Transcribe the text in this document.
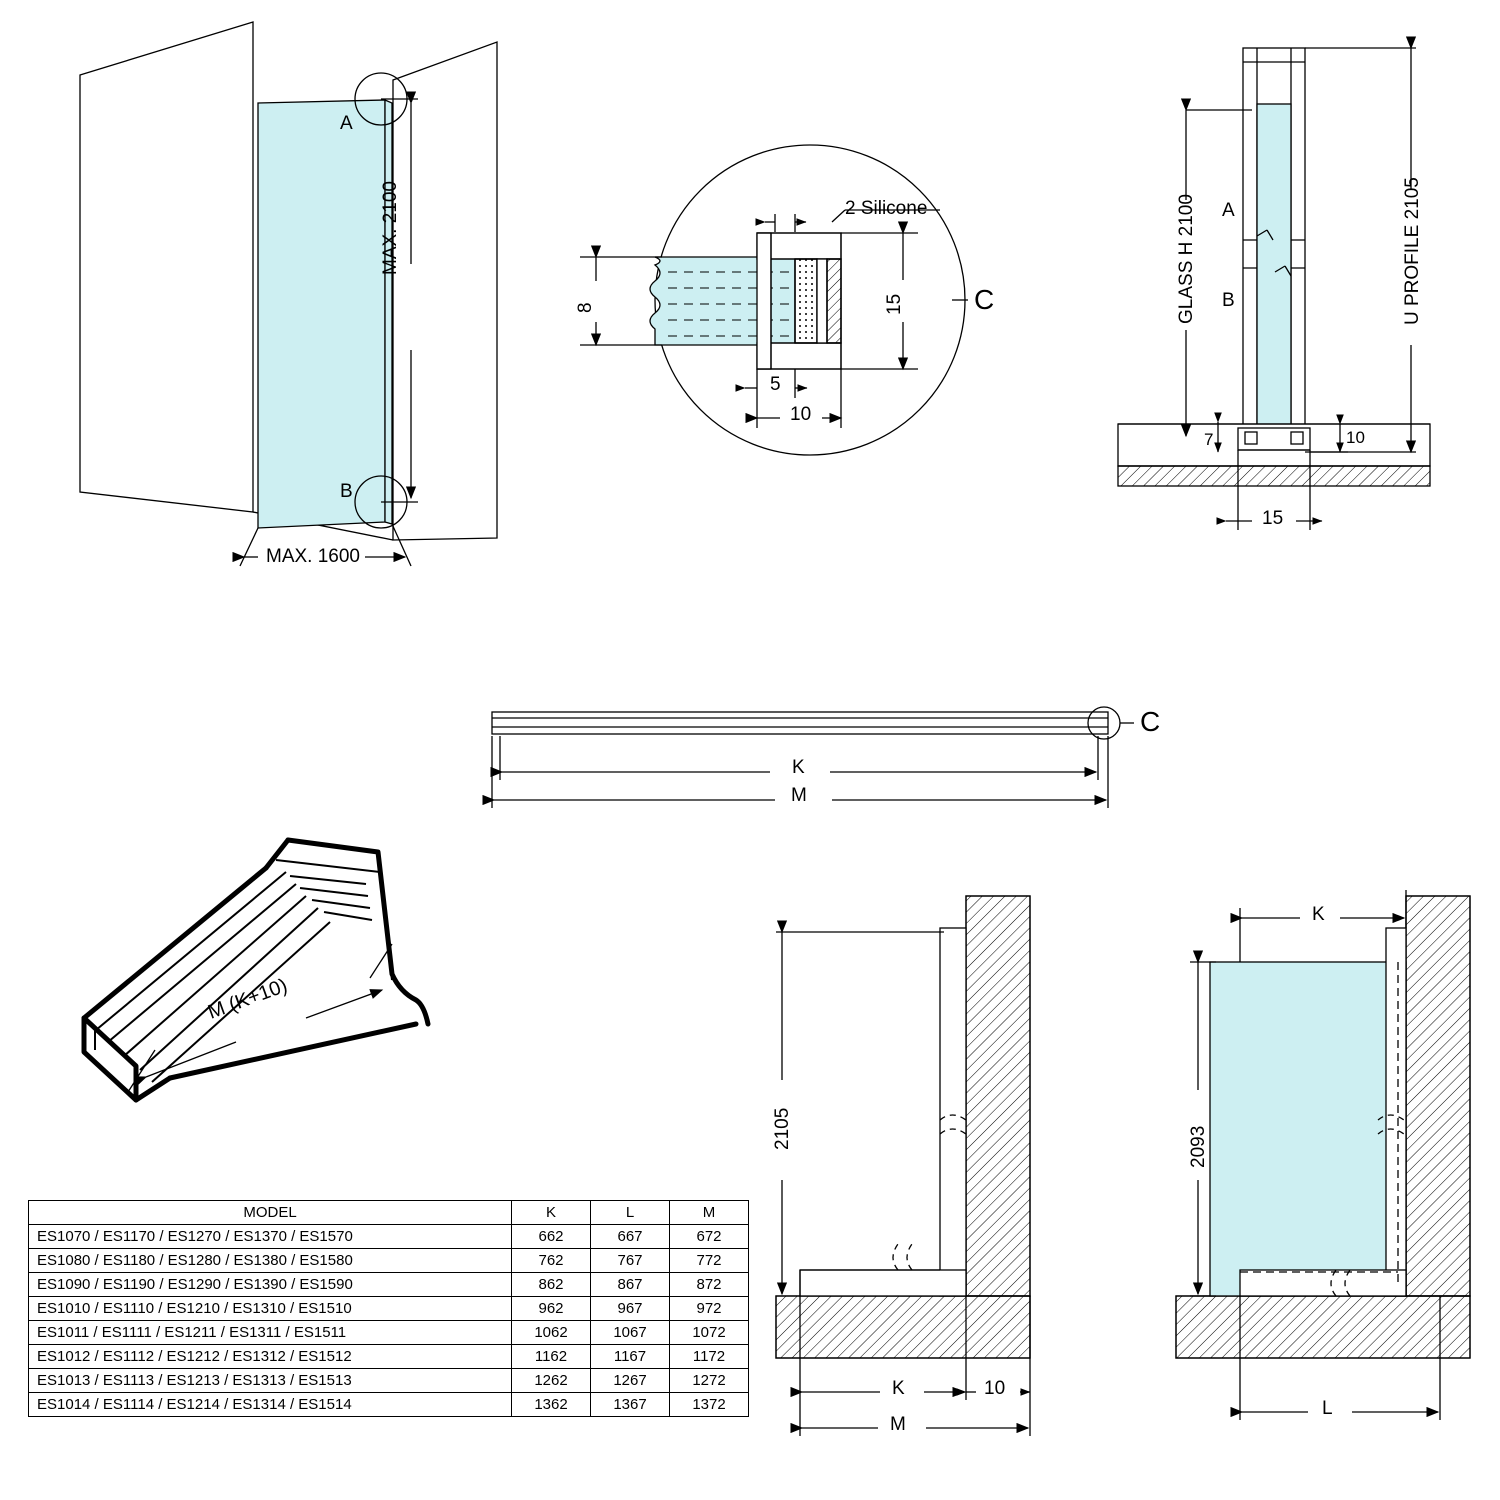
A
B
MAX. 2100
MAX. 1600
2 Silicone
8	15
5
10
C	GLASS H 2100	U PROFILE 2105
A
B
7	10
15
K
M
C
M (K+10)
2105
K	10
M
K
2093
L
MODEL	K	L	M
ES1070 / ES1170 / ES1270 / ES1370 / ES1570	662	667	672
ES1080 / ES1180 / ES1280 / ES1380 / ES1580	762	767	772
ES1090 / ES1190 / ES1290 / ES1390 / ES1590	862	867	872
ES1010 / ES1110 / ES1210 / ES1310 / ES1510	962	967	972
ES1011 / ES1111 / ES1211 / ES1311 / ES1511	1062	1067	1072
ES1012 / ES1112 / ES1212 / ES1312 / ES1512	1162	1167	1172
ES1013 / ES1113 / ES1213 / ES1313 / ES1513	1262	1267	1272
ES1014 / ES1114 / ES1214 / ES1314 / ES1514	1362	1367	1372
